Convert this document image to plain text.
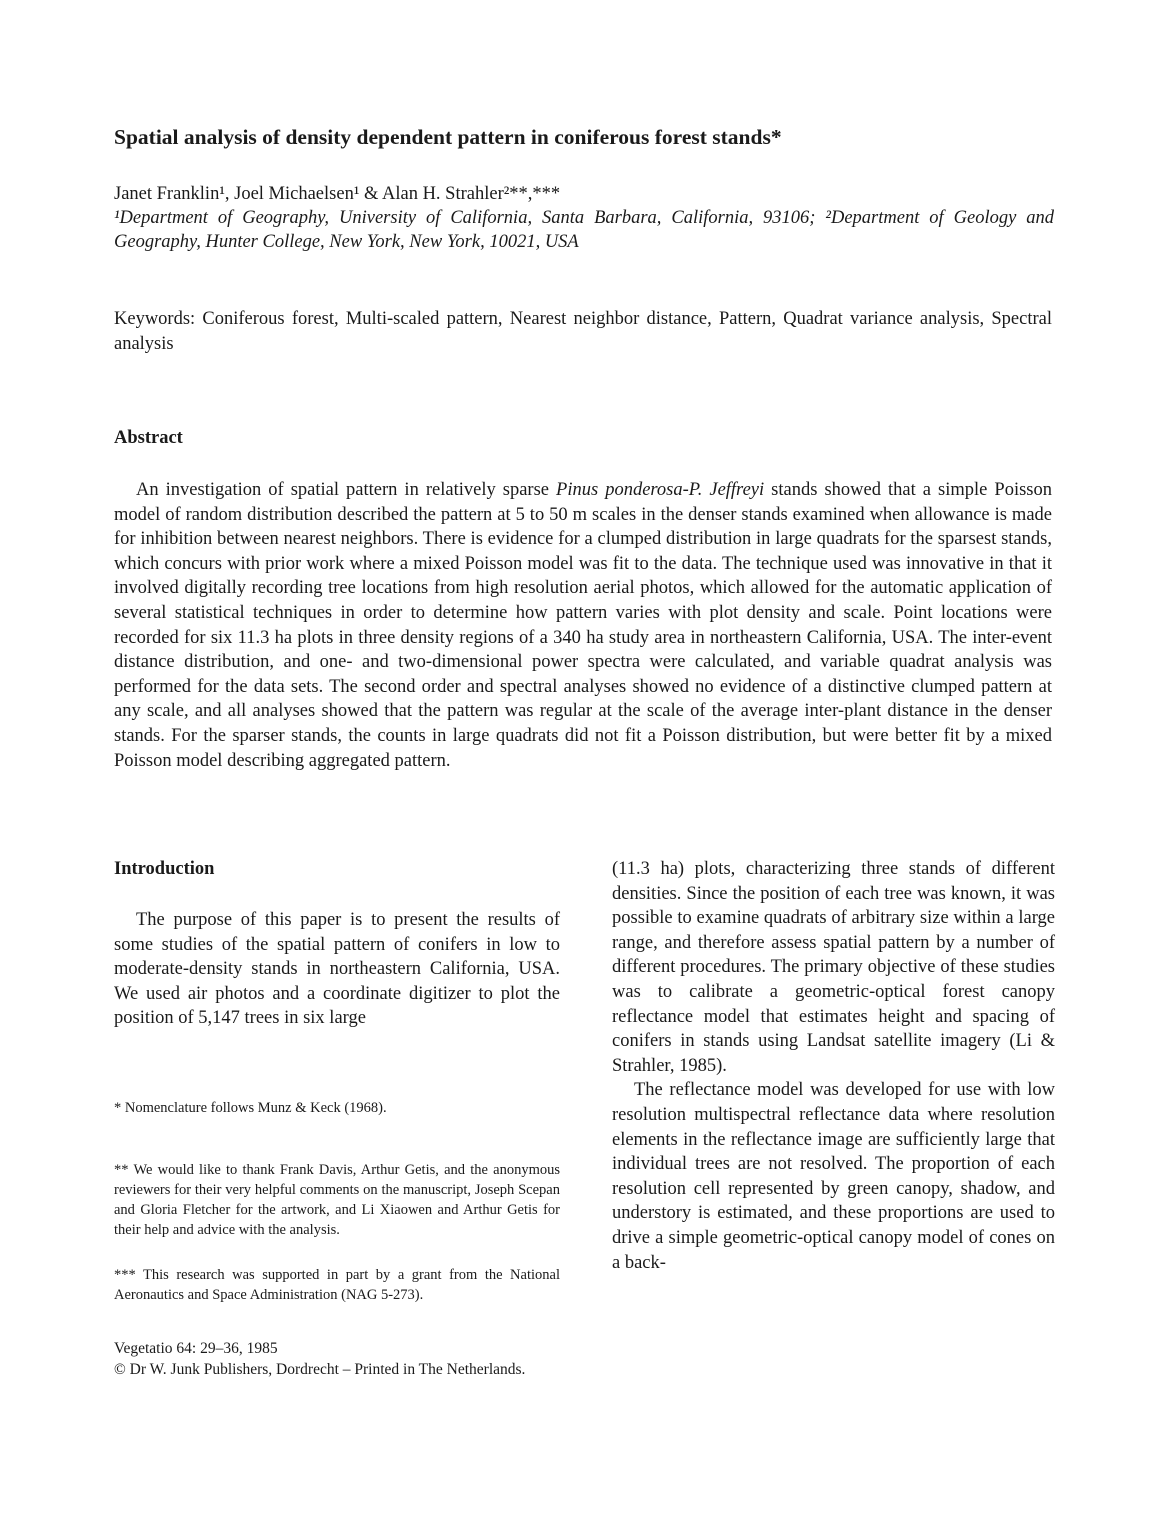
Spatial analysis of density dependent pattern in coniferous forest stands*
Janet Franklin¹, Joel Michaelsen¹ & Alan H. Strahler²**,***
¹Department of Geography, University of California, Santa Barbara, California, 93106; ²Department of Geology and Geography, Hunter College, New York, New York, 10021, USA
Keywords: Coniferous forest, Multi-scaled pattern, Nearest neighbor distance, Pattern, Quadrat variance analysis, Spectral analysis
Abstract
An investigation of spatial pattern in relatively sparse Pinus ponderosa-P. Jeffreyi stands showed that a simple Poisson model of random distribution described the pattern at 5 to 50 m scales in the denser stands examined when allowance is made for inhibition between nearest neighbors. There is evidence for a clumped distribution in large quadrats for the sparsest stands, which concurs with prior work where a mixed Poisson model was fit to the data. The technique used was innovative in that it involved digitally recording tree locations from high resolution aerial photos, which allowed for the automatic application of several statistical techniques in order to determine how pattern varies with plot density and scale. Point locations were recorded for six 11.3 ha plots in three density regions of a 340 ha study area in northeastern California, USA. The inter-event distance distribution, and one- and two-dimensional power spectra were calculated, and variable quadrat analysis was performed for the data sets. The second order and spectral analyses showed no evidence of a distinctive clumped pattern at any scale, and all analyses showed that the pattern was regular at the scale of the average inter-plant distance in the denser stands. For the sparser stands, the counts in large quadrats did not fit a Poisson distribution, but were better fit by a mixed Poisson model describing aggregated pattern.
Introduction
The purpose of this paper is to present the results of some studies of the spatial pattern of conifers in low to moderate-density stands in northeastern California, USA. We used air photos and a coordinate digitizer to plot the position of 5,147 trees in six large
* Nomenclature follows Munz & Keck (1968).
** We would like to thank Frank Davis, Arthur Getis, and the anonymous reviewers for their very helpful comments on the manuscript, Joseph Scepan and Gloria Fletcher for the artwork, and Li Xiaowen and Arthur Getis for their help and advice with the analysis.
*** This research was supported in part by a grant from the National Aeronautics and Space Administration (NAG 5-273).

(11.3 ha) plots, characterizing three stands of different densities. Since the position of each tree was known, it was possible to examine quadrats of arbitrary size within a large range, and therefore assess spatial pattern by a number of different procedures. The primary objective of these studies was to calibrate a geometric-optical forest canopy reflectance model that estimates height and spacing of conifers in stands using Landsat satellite imagery (Li & Strahler, 1985).

The reflectance model was developed for use with low resolution multispectral reflectance data where resolution elements in the reflectance image are sufficiently large that individual trees are not resolved. The proportion of each resolution cell represented by green canopy, shadow, and understory is estimated, and these proportions are used to drive a simple geometric-optical canopy model of cones on a back-

Vegetatio 64: 29–36, 1985
© Dr W. Junk Publishers, Dordrecht – Printed in The Netherlands.
